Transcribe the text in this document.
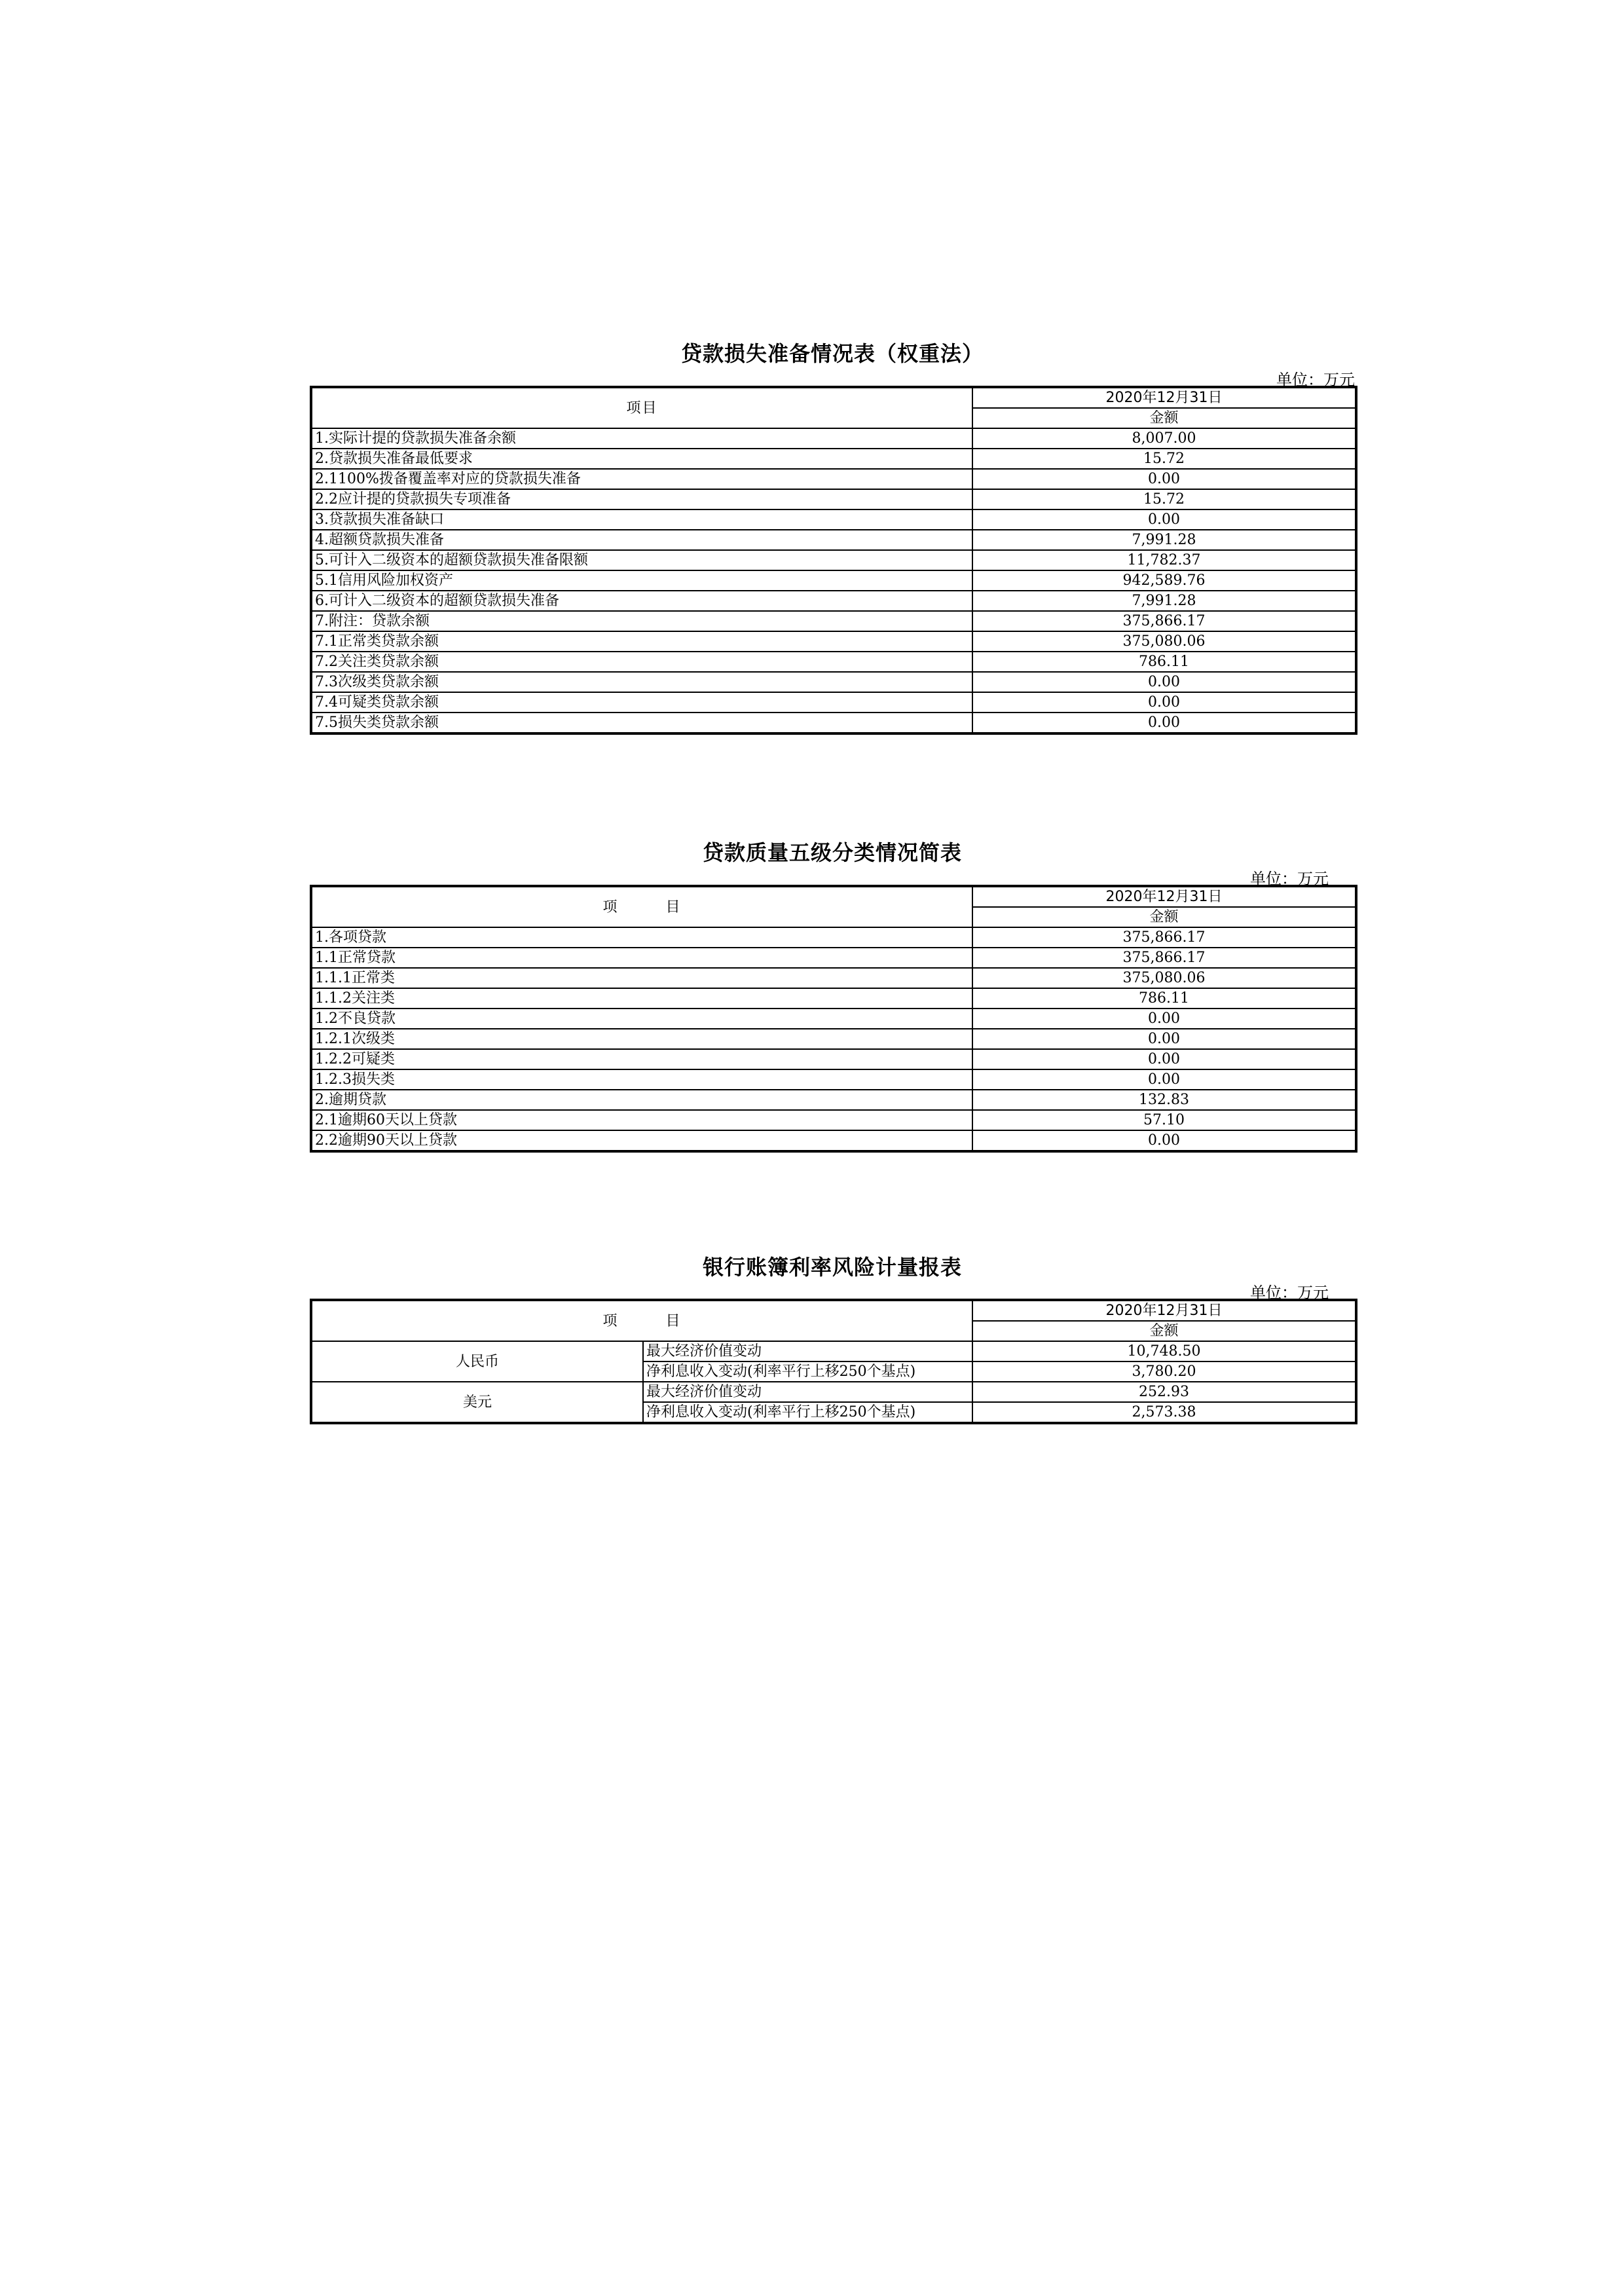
贷款损失准备情况表（权重法）
单位：万元
项目	2020年12月31日
	金额
1.实际计提的贷款损失准备余额	8,007.00
2.贷款损失准备最低要求	15.72
2.1100%拨备覆盖率对应的贷款损失准备	0.00
2.2应计提的贷款损失专项准备	15.72
3.贷款损失准备缺口	0.00
4.超额贷款损失准备	7,991.28
5.可计入二级资本的超额贷款损失准备限额	11,782.37
5.1信用风险加权资产	942,589.76
6.可计入二级资本的超额贷款损失准备	7,991.28
7.附注：贷款余额	375,866.17
7.1正常类贷款余额	375,080.06
7.2关注类贷款余额	786.11
7.3次级类贷款余额	0.00
7.4可疑类贷款余额	0.00
7.5损失类贷款余额	0.00
贷款质量五级分类情况简表
单位：万元
项　　　目	2020年12月31日
	金额
1.各项贷款	375,866.17
1.1正常贷款	375,866.17
1.1.1正常类	375,080.06
1.1.2关注类	786.11
1.2不良贷款	0.00
1.2.1次级类	0.00
1.2.2可疑类	0.00
1.2.3损失类	0.00
2.逾期贷款	132.83
2.1逾期60天以上贷款	57.10
2.2逾期90天以上贷款	0.00
银行账簿利率风险计量报表
单位：万元
项　　　目		2020年12月31日
		金额
人民币	最大经济价值变动	10,748.50
	净利息收入变动(利率平行上移250个基点)	3,780.20
美元	最大经济价值变动	252.93
	净利息收入变动(利率平行上移250个基点)	2,573.38
